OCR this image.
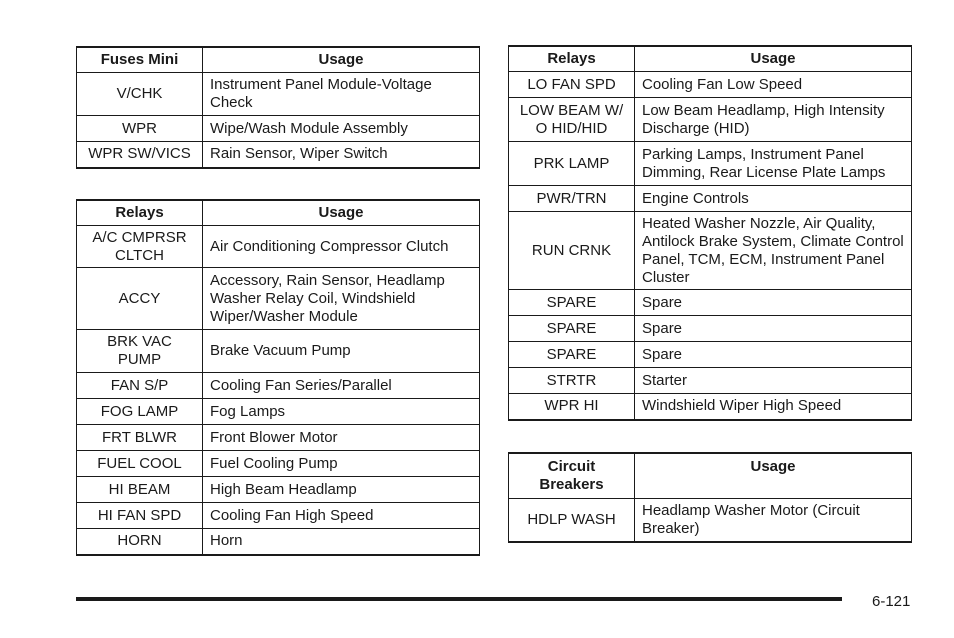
Fuses Mini	Usage
V/CHK	Instrument Panel Module-Voltage Check
WPR	Wipe/Wash Module Assembly
WPR SW/VICS	Rain Sensor, Wiper Switch
Relays	Usage
A/C CMPRSR CLTCH	Air Conditioning Compressor Clutch
ACCY	Accessory, Rain Sensor, Headlamp Washer Relay Coil, Windshield Wiper/Washer Module
BRK VAC PUMP	Brake Vacuum Pump
FAN S/P	Cooling Fan Series/Parallel
FOG LAMP	Fog Lamps
FRT BLWR	Front Blower Motor
FUEL COOL	Fuel Cooling Pump
HI BEAM	High Beam Headlamp
HI FAN SPD	Cooling Fan High Speed
HORN	Horn
Relays	Usage
LO FAN SPD	Cooling Fan Low Speed
LOW BEAM W/ O HID/HID	Low Beam Headlamp, High Intensity Discharge (HID)
PRK LAMP	Parking Lamps, Instrument Panel Dimming, Rear License Plate Lamps
PWR/TRN	Engine Controls
RUN CRNK	Heated Washer Nozzle, Air Quality, Antilock Brake System, Climate Control Panel, TCM, ECM, Instrument Panel Cluster
SPARE	Spare
SPARE	Spare
SPARE	Spare
STRTR	Starter
WPR HI	Windshield Wiper High Speed
Circuit Breakers	Usage
HDLP WASH	Headlamp Washer Motor (Circuit Breaker)
6-121
